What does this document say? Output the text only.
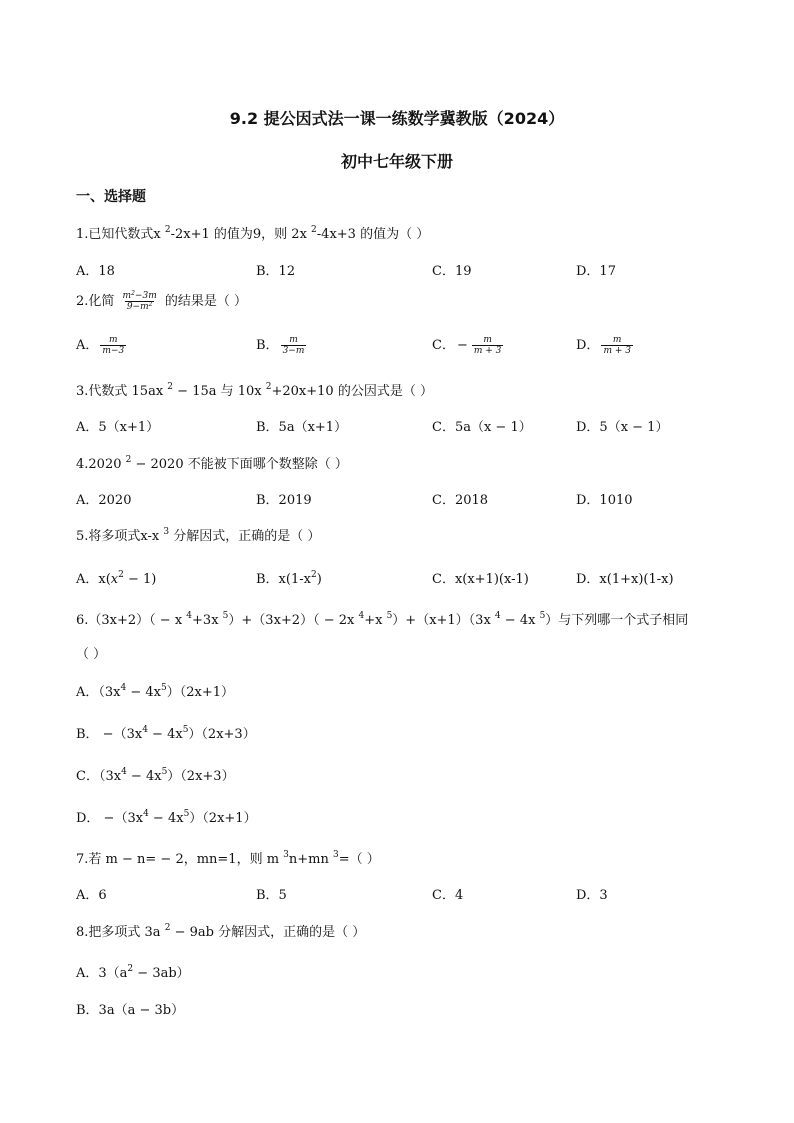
9.2 提公因式法一课一练数学冀教版（2024）
初中七年级下册
一、选择题
1.已知代数式x $^2$-2x+1 的值为9，则 2x $^2$-4x+3 的值为（ ）
A．18	B．12	C．19	D．17
2.化简 $\frac{m^2-3m}{9-m^2}$ 的结果是（ ）
A． $\frac{m}{m-3}$	B． $\frac{m}{3-m}$	C． − $\frac{m}{m + 3}$	D． $\frac{m}{m + 3}$
3.代数式 15ax $^2$ − 15a 与 10x $^2$+20x+10 的公因式是（ ）
A．5（x+1）	B．5a（x+1）	C．5a（x − 1）	D．5（x − 1）
4.2020 $^2$ − 2020 不能被下面哪个数整除（ ）
A．2020	B．2019	C．2018	D．1010
5.将多项式x-x $^3$ 分解因式，正确的是（ ）
A．$x(x^2 - 1)$	B．$x(1-x^2)$	C．x(x+1)(x-1)	D．x(1+x)(1-x)
6.（3x+2）（ − x $^4$+3x $^5$）+（3x+2）（ − 2x $^4$+x $^5$）+（x+1）（3x $^4$ − 4x $^5$）与下列哪一个式子相同
（ ）
A．$(3x^4 - 4x^5)(2x+1)$
B． $-(3x^4 - 4x^5)(2x+3)$
C．$(3x^4 - 4x^5)(2x+3)$
D． $-(3x^4 - 4x^5)(2x+1)$
7.若 m − n= − 2，mn=1，则 m $^3$n+mn $^3$=（ ）
A．6	B．5	C．4	D．3
8.把多项式 3a $^2$ − 9ab 分解因式，正确的是（ ）
A．$3(a^2 - 3ab)$
B．3a（a − 3b）
